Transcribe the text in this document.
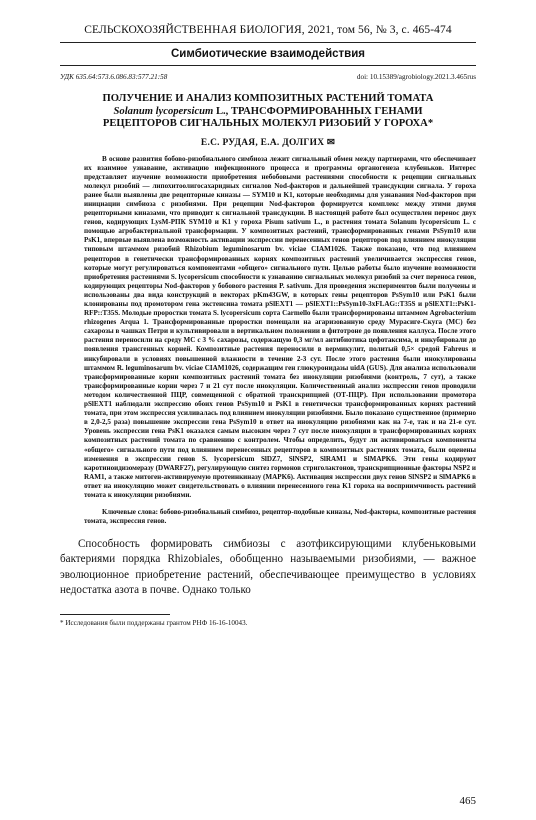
СЕЛЬСКОХОЗЯЙСТВЕННАЯ БИОЛОГИЯ, 2021, том 56, № 3, с. 465-474
Симбиотические взаимодействия
УДК 635.64:573.6.086.83:577.21:58	doi: 10.15389/agrobiology.2021.3.465rus
ПОЛУЧЕНИЕ И АНАЛИЗ КОМПОЗИТНЫХ РАСТЕНИЙ ТОМАТА
Solanum lycopersicum L., ТРАНСФОРМИРОВАННЫХ ГЕНАМИ
РЕЦЕПТОРОВ СИГНАЛЬНЫХ МОЛЕКУЛ РИЗОБИЙ У ГОРОХА*
Е.С. РУДАЯ, Е.А. ДОЛГИХ ✉

В основе развития бобово-ризобиального симбиоза лежит сигнальный обмен между партнерами, что обеспечивает их взаимное узнавание, активацию инфекционного процесса и программы органогенеза клубеньков. Интерес представляет изучение возможности приобретения небобовыми растениями способности к рецепции сигнальных молекул ризобий — липохитоолигосахаридных сигналов Nod-факторов и дальнейшей трансдукции сигнала. У гороха ранее были выявлены две рецепторные киназы — SYM10 и K1, которые необходимы для узнавания Nod-факторов при инициации симбиоза с ризобиями. При рецепции Nod-факторов формируется комплекс между этими двумя рецепторными киназами, что приводит к сигнальной трансдукции. В настоящей работе был осуществлен перенос двух генов, кодирующих LysM-РПК SYM10 и K1 у гороха Pisum sativum L., в растения томата Solanum lycopersicum L. с помощью агробактериальной трансформации. У композитных растений, трансформированных генами PsSym10 или PsK1, впервые выявлена возможность активации экспрессии перенесенных генов рецепторов под влиянием инокуляции типовым штаммом ризобий Rhizobium leguminosarum bv. viciae CIAM1026. Также показано, что под влиянием рецепторов в генетически трансформированных корнях композитных растений увеличивается экспрессия генов, которые могут регулироваться компонентами «общего» сигнального пути. Целью работы было изучение возможности приобретения растениями S. lycopersicum способности к узнаванию сигнальных молекул ризобий за счет переноса генов, кодирующих рецепторы Nod-факторов у бобового растения P. sativum. Для проведения экспериментов были получены и использованы два вида конструкций в векторах pKm43GW, в которых гены рецепторов PsSym10 или PsK1 были клонированы под промотором гена экстенсина томата pSlEXT1 — pSlEXT1::PsSym10-3xFLAG::T35S и pSlEXT1::PsK1-RFP::T35S. Молодые проростки томата S. lycopersicum сорта Carmello были трансформированы штаммом Agrobacterium rhizogenes Arqua 1. Трансформированные проростки помещали на агаризованную среду Мурасиге-Скуга (МС) без сахарозы в чашках Петри и культивировали в вертикальном положении в фитотроне до появления каллуса. После этого растения переносили на среду МС с 3 % сахарозы, содержащую 0,3 мг/мл антибиотика цефотаксима, и инкубировали до появления трансгенных корней. Композитные растения переносили в вермикулит, политый 0,5× средой Fahreus и инкубировали в условиях повышенной влажности в течение 2-3 сут. После этого растения были инокулированы штаммом R. leguminosarum bv. viciae CIAM1026, содержащим ген глюкуронидазы uidA (GUS). Для анализа использовали трансформированные корни композитных растений томата без инокуляции ризобиями (контроль, 7 сут), а также трансформированные корни через 7 и 21 сут после инокуляции. Количественный анализ экспрессии генов проводили методом количественной ПЦР, совмещенной с обратной транскрипцией (ОТ-ПЦР). При использовании промотора pSlEXT1 наблюдали экспрессию обоих генов PsSym10 и PsK1 в генетически трансформированных корнях растений томата, при этом экспрессия усиливалась под влиянием инокуляции ризобиями. Было показано существенное (примерно в 2,0-2,5 раза) повышение экспрессии гена PsSym10 в ответ на инокуляцию ризобиями как на 7-е, так и на 21-е сут. Уровень экспрессии гена PsK1 оказался самым высоким через 7 сут после инокуляции в трансформированных корнях композитных растений томата по сравнению с контролем. Чтобы определить, будут ли активироваться компоненты «общего» сигнального пути под влиянием перенесенных рецепторов в композитных растениях томата, были оценены изменения в экспрессии генов S. lycopersicum SlDZ7, SlNSP2, SlRAM1 и SlMAPK6. Эти гены кодируют каротиноидизомеразу (DWARF27), регулирующую синтез гормонов стриголактонов, транскрипционные факторы NSP2 и RAM1, а также митоген-активируемую протеинкиназу (MAPK6). Активация экспрессии двух генов SlNSP2 и SlMAPK6 в ответ на инокуляцию может свидетельствовать о влиянии перенесенного гена K1 гороха на восприимчивость растений томата к инокуляции ризобиями.

Ключевые слова: бобово-ризобиальный симбиоз, рецептор-подобные киназы, Nod-факторы, композитные растения томата, экспрессия генов.

Способность формировать симбиозы с азотфиксирующими клубеньковыми бактериями порядка Rhizobiales, обобщенно называемыми ризобиями, — важное эволюционное приобретение растений, обеспечивающее преимущество в условиях недостатка азота в почве. Однако только

* Исследования были поддержаны грантом РНФ 16-16-10043.
465
